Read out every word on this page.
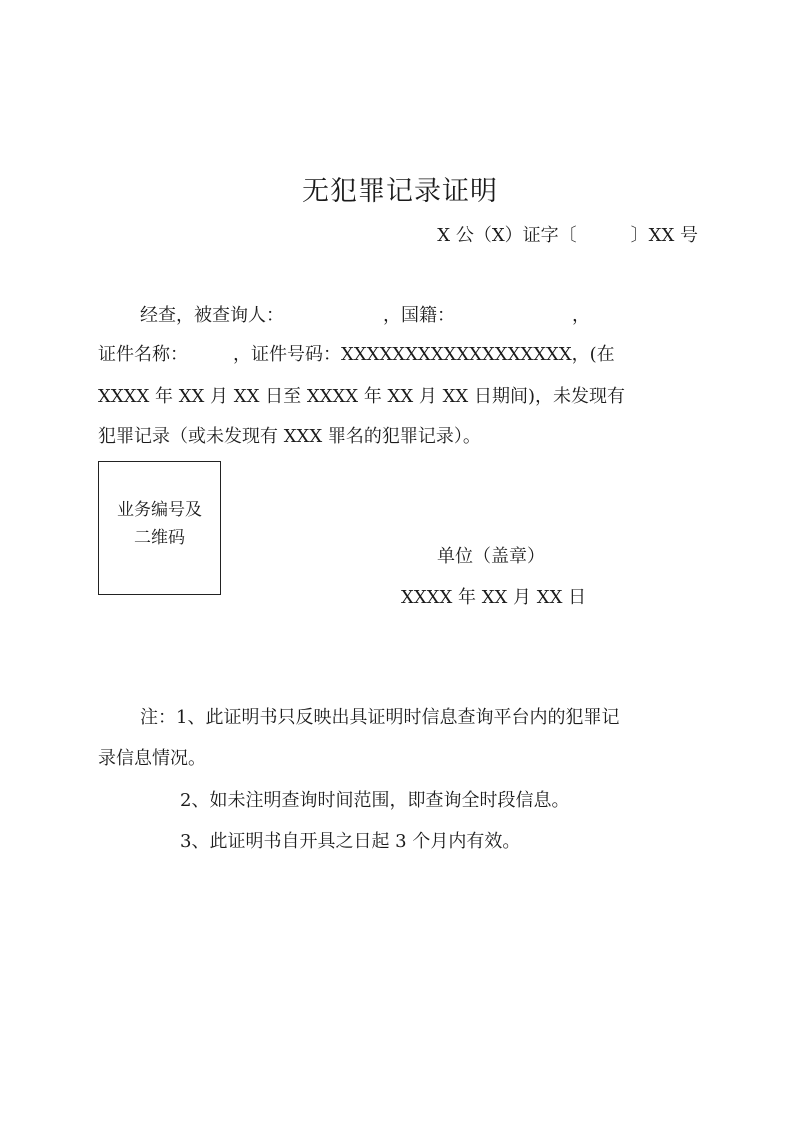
无犯罪记录证明
X 公（X）证字〔　　　〕XX 号
经查，被查询人：　　　　　　，国籍：　　　　　　　，
证件名称：　　　，证件号码：XXXXXXXXXXXXXXXXXX，(在
XXXX 年 XX 月 XX 日至 XXXX 年 XX 月 XX 日期间)，未发现有
犯罪记录（或未发现有 XXX 罪名的犯罪记录）。
业务编号及
二维码
单位（盖章）
XXXX 年 XX 月 XX 日
注：1、此证明书只反映出具证明时信息查询平台内的犯罪记
录信息情况。
2、如未注明查询时间范围，即查询全时段信息。
3、此证明书自开具之日起 3 个月内有效。
